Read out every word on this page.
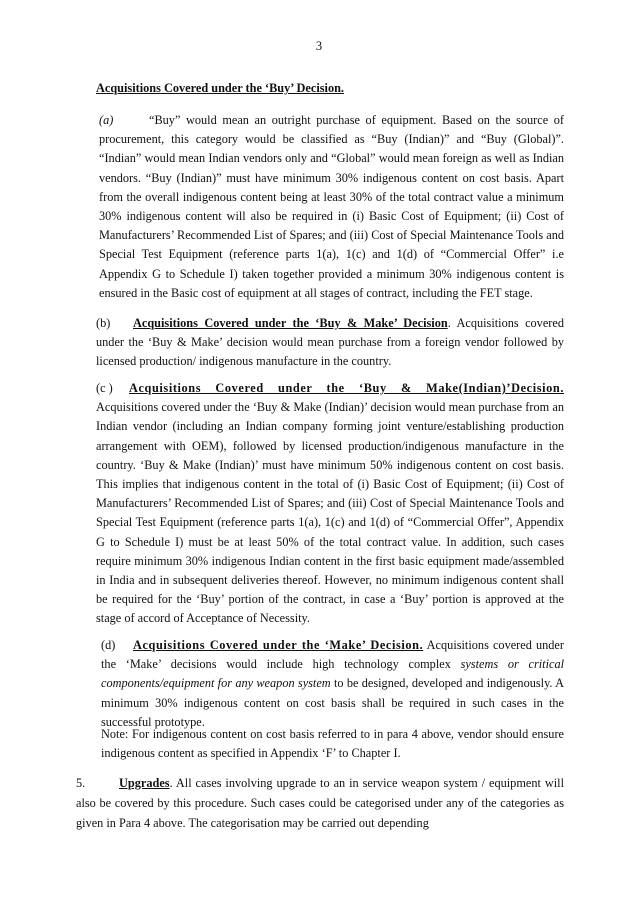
3
Acquisitions Covered under the ‘Buy’ Decision.
(a)	“Buy” would mean an outright purchase of equipment. Based on the source of procurement, this category would be classified as “Buy (Indian)” and “Buy (Global)”. “Indian” would mean Indian vendors only and “Global” would mean foreign as well as Indian vendors. “Buy (Indian)” must have minimum 30% indigenous content on cost basis. Apart from the overall indigenous content being at least 30% of the total contract value a minimum 30% indigenous content will also be required in (i) Basic Cost of Equipment; (ii) Cost of Manufacturers’ Recommended List of Spares; and (iii) Cost of Special Maintenance Tools and Special Test Equipment (reference parts 1(a), 1(c) and 1(d) of “Commercial Offer” i.e Appendix G to Schedule I) taken together provided a minimum 30% indigenous content is ensured in the Basic cost of equipment at all stages of contract, including the FET stage.
(b) Acquisitions Covered under the ‘Buy & Make’ Decision. Acquisitions covered under the ‘Buy & Make’ decision would mean purchase from a foreign vendor followed by licensed production/ indigenous manufacture in the country.
(c ) Acquisitions Covered under the ‘Buy & Make(Indian)’Decision. Acquisitions covered under the ‘Buy & Make (Indian)’ decision would mean purchase from an Indian vendor (including an Indian company forming joint venture/establishing production arrangement with OEM), followed by licensed production/indigenous manufacture in the country. ‘Buy & Make (Indian)’ must have minimum 50% indigenous content on cost basis. This implies that indigenous content in the total of (i) Basic Cost of Equipment; (ii) Cost of Manufacturers’ Recommended List of Spares; and (iii) Cost of Special Maintenance Tools and Special Test Equipment (reference parts 1(a), 1(c) and 1(d) of “Commercial Offer”, Appendix G to Schedule I) must be at least 50% of the total contract value. In addition, such cases require minimum 30% indigenous Indian content in the first basic equipment made/assembled in India and in subsequent deliveries thereof. However, no minimum indigenous content shall be required for the ‘Buy’ portion of the contract, in case a ‘Buy’ portion is approved at the stage of accord of Acceptance of Necessity.
(d) Acquisitions Covered under the ‘Make’ Decision. Acquisitions covered under the ‘Make’ decisions would include high technology complex systems or critical components/equipment for any weapon system to be designed, developed and indigenously. A minimum 30% indigenous content on cost basis shall be required in such cases in the successful prototype.
Note: For indigenous content on cost basis referred to in para 4 above, vendor should ensure indigenous content as specified in Appendix ‘F’ to Chapter I.
5.	Upgrades. All cases involving upgrade to an in service weapon system / equipment will also be covered by this procedure. Such cases could be categorised under any of the categories as given in Para 4 above. The categorisation may be carried out depending
